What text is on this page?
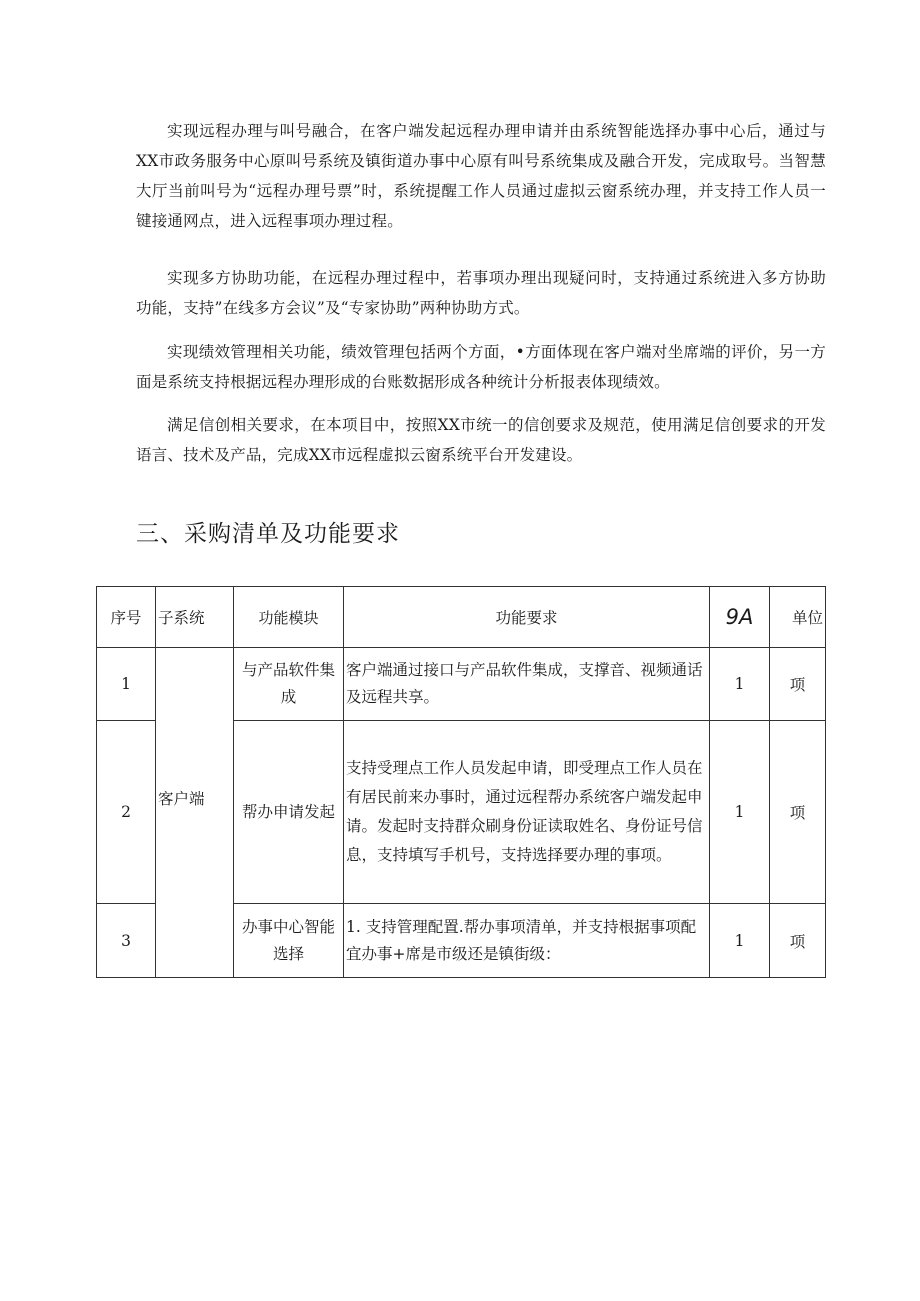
实现远程办理与叫号融合，在客户端发起远程办理申请并由系统智能选择办事中心后，通过与XX市政务服务中心原叫号系统及镇街道办事中心原有叫号系统集成及融合开发，完成取号。当智慧大厅当前叫号为“远程办理号票”时，系统提醒工作人员通过虚拟云窗系统办理，并支持工作人员一键接通网点，进入远程事项办理过程。

实现多方协助功能，在远程办理过程中，若事项办理出现疑问时，支持通过系统进入多方协助功能，支持”在线多方会议”及“专家协助”两种协助方式。

实现绩效管理相关功能，绩效管理包括两个方面，•方面体现在客户端对坐席端的评价，另一方面是系统支持根据远程办理形成的台账数据形成各种统计分析报表体现绩效。

满足信创相关要求，在本项目中，按照XX市统一的信创要求及规范，使用满足信创要求的开发语言、技术及产品，完成XX市远程虚拟云窗系统平台开发建设。

三、采购清单及功能要求
序号	子系统	功能模块	功能要求	9A	单位
1	客户端	与产品软件集成	客户端通过接口与产品软件集成，支撑音、视频通话及远程共享。	1	项
2		帮办申请发起	支持受理点工作人员发起申请，即受理点工作人员在有居民前来办事时，通过远程帮办系统客户端发起申请。发起时支持群众刷身份证读取姓名、身份证号信息，支持填写手机号，支持选择要办理的事项。	1	项
3		办事中心智能选择	1. 支持管理配置.帮办事项清单，并支持根据事项配宜办事+席是市级还是镇街级：	1	项
